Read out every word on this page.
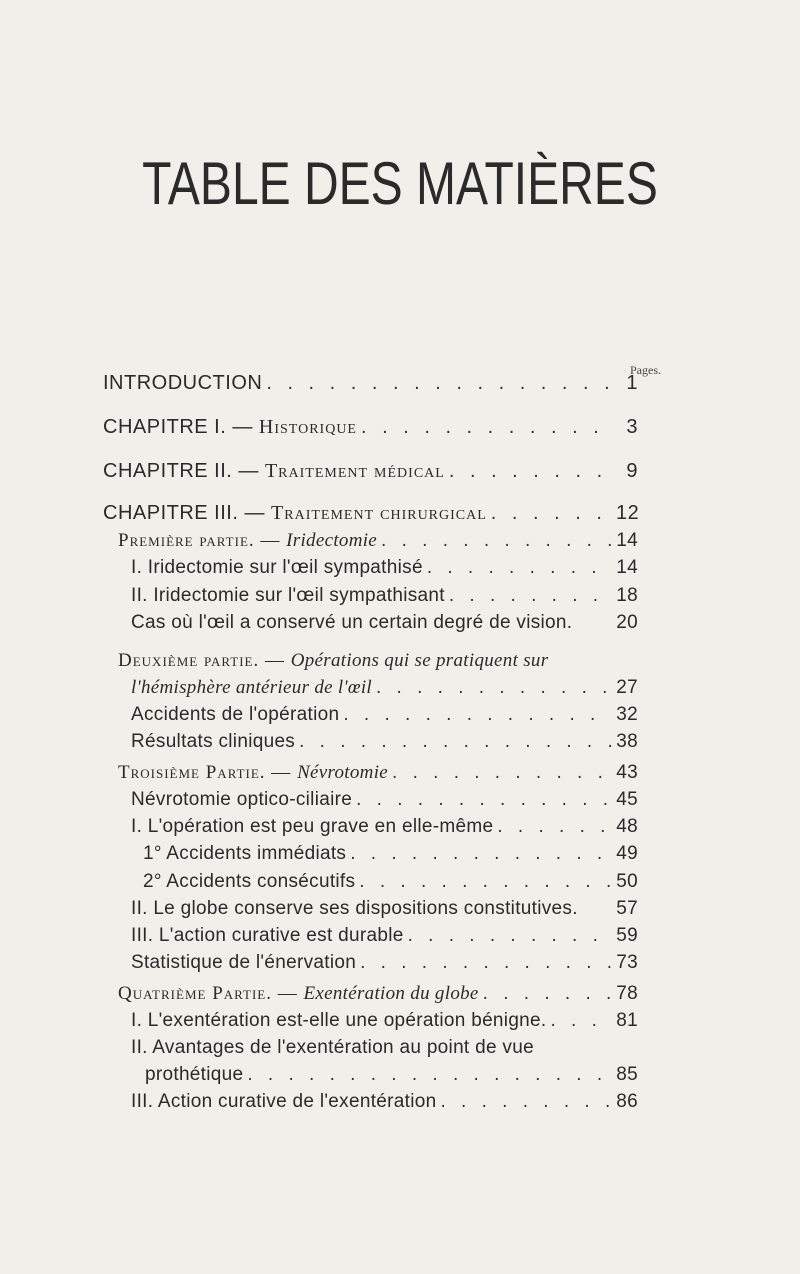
TABLE DES MATIÈRES
Pages.
INTRODUCTION . . .	1
CHAPITRE I. — Historique . . .	3
CHAPITRE II. — Traitement médical . . .	9
CHAPITRE III. — Traitement chirurgical . . .	12
Première partie. — Iridectomie . . .	14
I. Iridectomie sur l'œil sympathisé . . .	14
II. Iridectomie sur l'œil sympathisant . . .	18
Cas où l'œil a conservé un certain degré de vision. 20
Deuxième partie. — Opérations qui se pratiquent sur
l'hémisphère antérieur de l'œil . . .	27
Accidents de l'opération . . .	32
Résultats cliniques . . .	38
Troisième Partie. — Névrotomie . . .	43
Névrotomie optico-ciliaire . . .	45
I. L'opération est peu grave en elle-même . . .	48
1° Accidents immédiats . . .	49
2° Accidents consécutifs . . .	50
II. Le globe conserve ses dispositions constitutives. 57
III. L'action curative est durable . . .	59
Statistique de l'énervation . . .	73
Quatrième Partie. — Exentération du globe . . .	78
I. L'exentération est-elle une opération bénigne. . . .	81
II. Avantages de l'exentération au point de vue
prothétique . . .	85
III. Action curative de l'exentération . . .	86
